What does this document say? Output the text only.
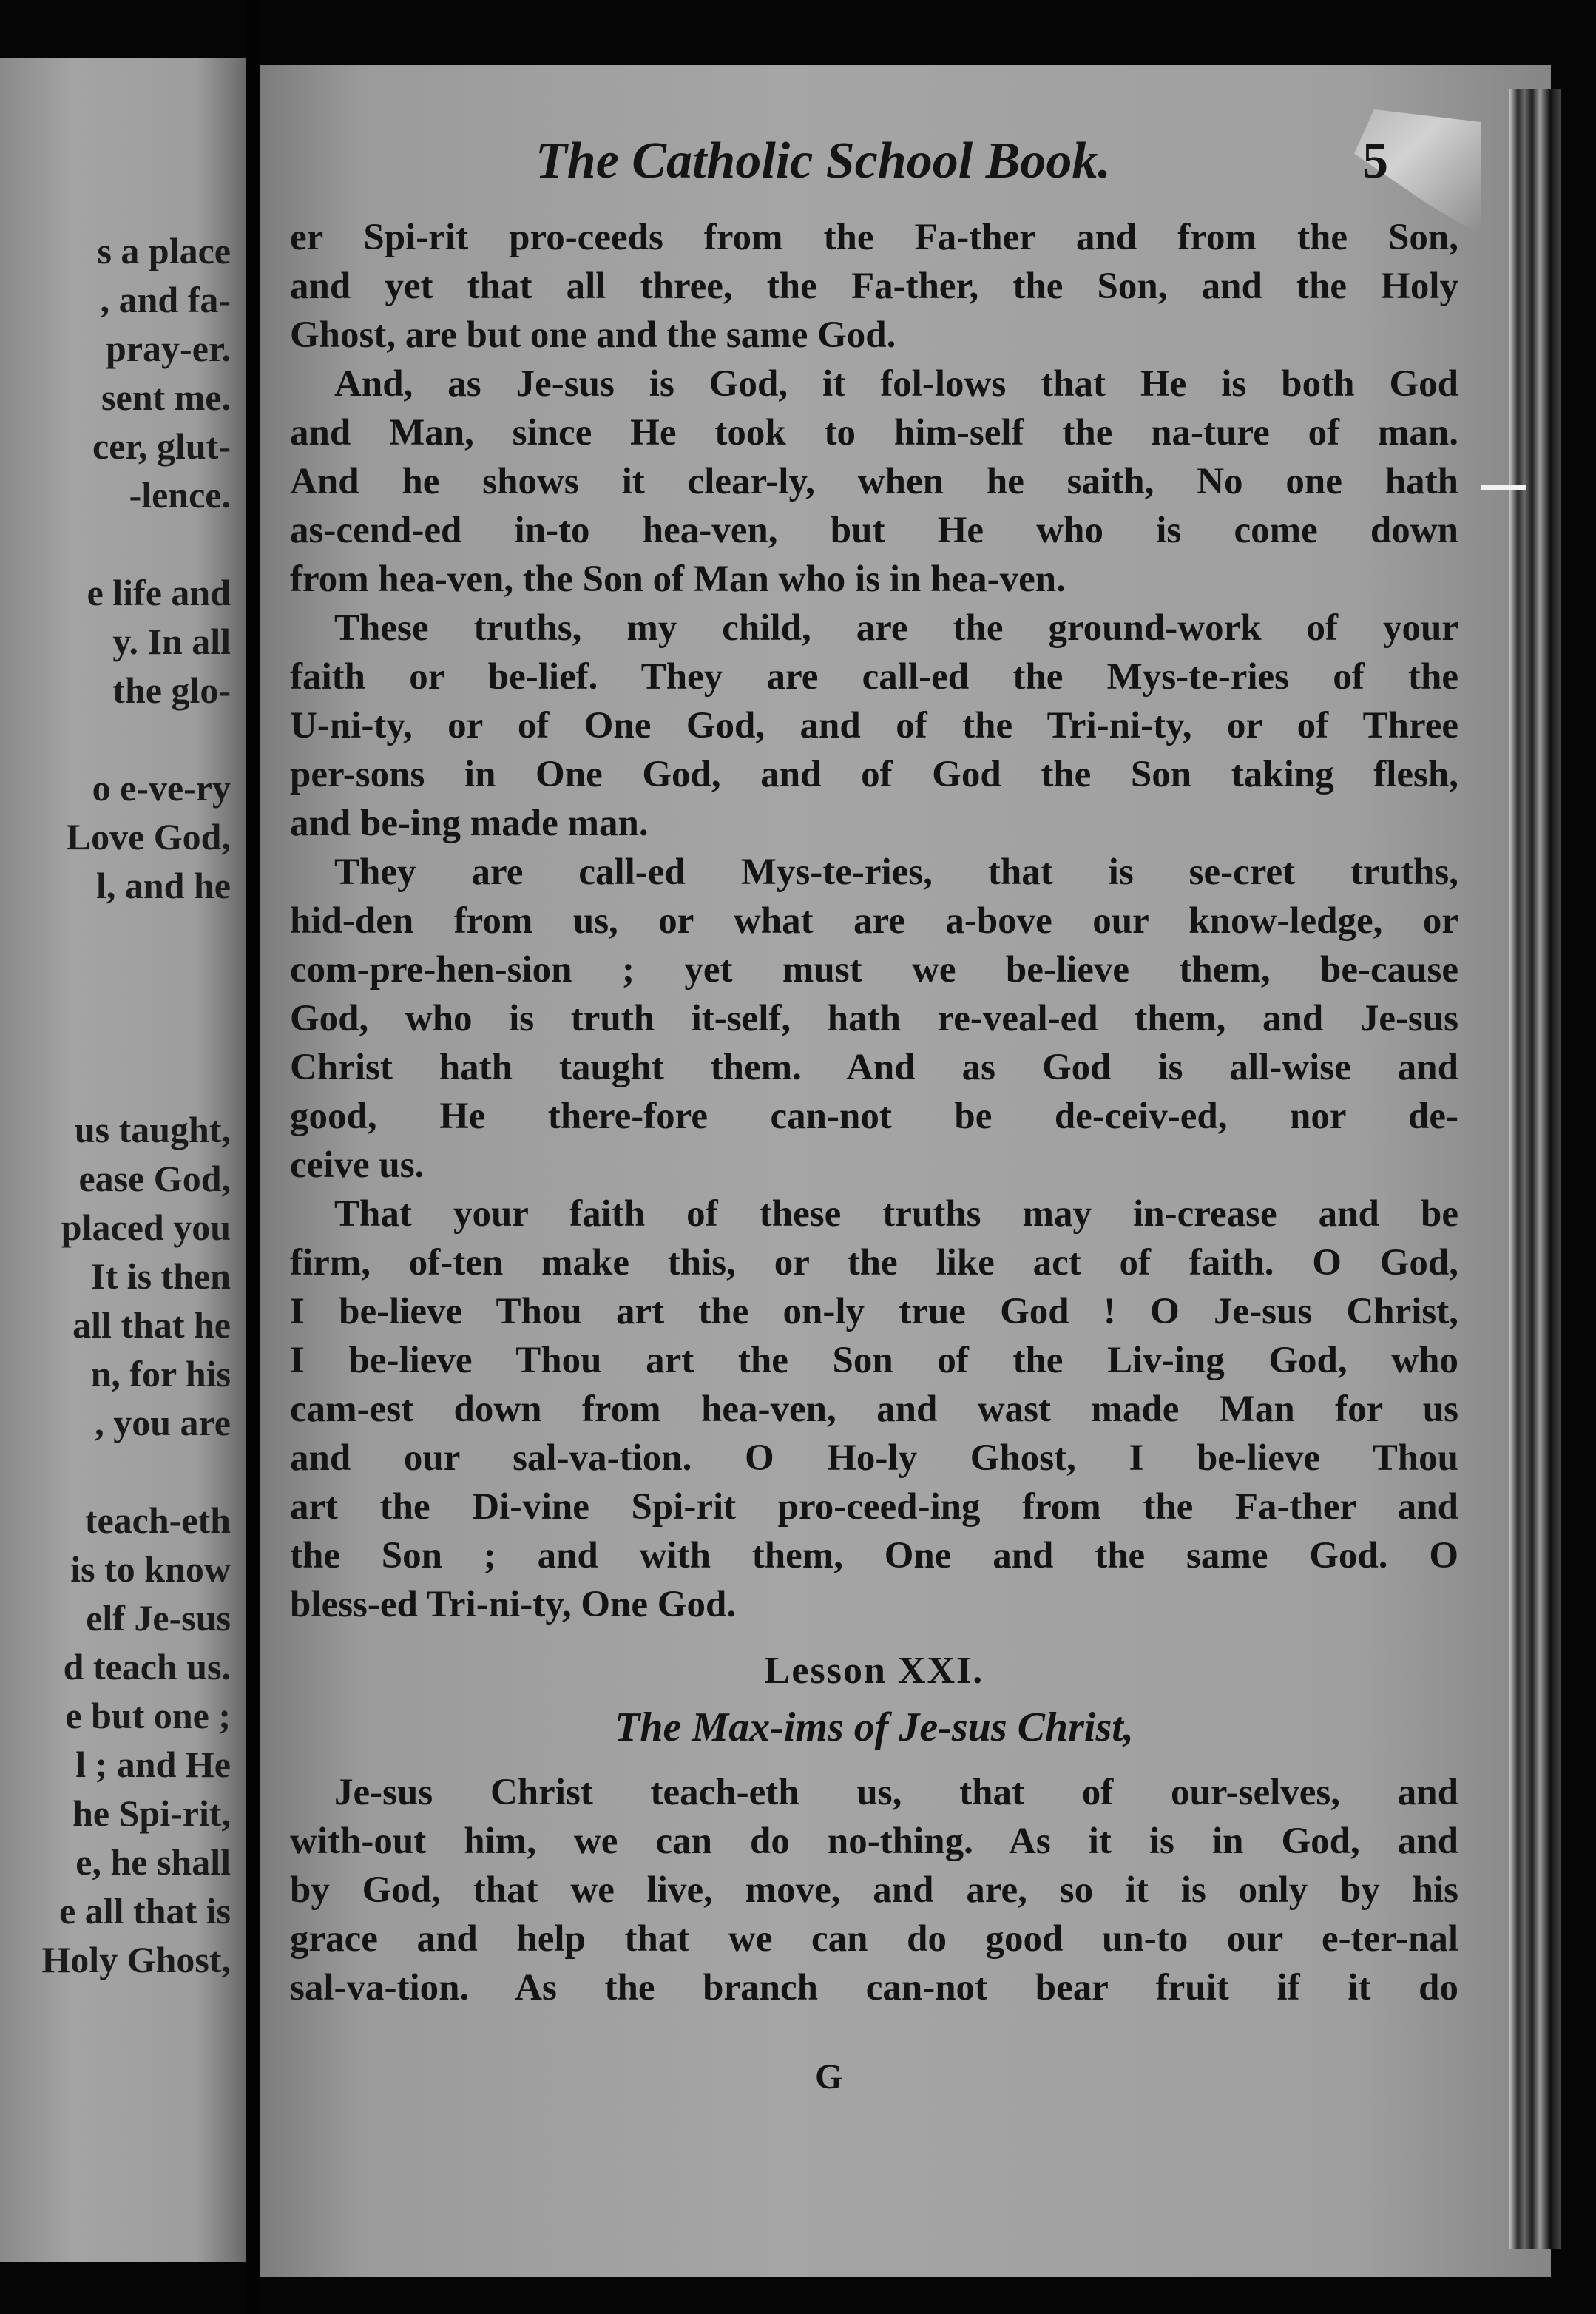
s a place
, and fa-
pray-er.
sent me.
cer, glut-
-lence.
e life and
y. In all
the glo-
o e-ve-ry
Love God,
l, and he
us taught,
ease God,
placed you
It is then
all that he
n, for his
, you are
teach-eth
is to know
elf Je-sus
d teach us.
e but one ;
l ; and He
he Spi-rit,
e, he shall
e all that is
Holy Ghost,
The Catholic School Book.	5
er Spi-rit pro-ceeds from the Fa-ther and from the Son,
and yet that all three, the Fa-ther, the Son, and the Holy
Ghost, are but one and the same God.
And, as Je-sus is God, it fol-lows that He is both God
and Man, since He took to him-self the na-ture of man.
And he shows it clear-ly, when he saith, No one hath
as-cend-ed in-to hea-ven, but He who is come down
from hea-ven, the Son of Man who is in hea-ven.
These truths, my child, are the ground-work of your
faith or be-lief. They are call-ed the Mys-te-ries of the
U-ni-ty, or of One God, and of the Tri-ni-ty, or of Three
per-sons in One God, and of God the Son taking flesh,
and be-ing made man.
They are call-ed Mys-te-ries, that is se-cret truths,
hid-den from us, or what are a-bove our know-ledge, or
com-pre-hen-sion ; yet must we be-lieve them, be-cause
God, who is truth it-self, hath re-veal-ed them, and Je-sus
Christ hath taught them. And as God is all-wise and
good, He there-fore can-not be de-ceiv-ed, nor de-
ceive us.
That your faith of these truths may in-crease and be
firm, of-ten make this, or the like act of faith. O God,
I be-lieve Thou art the on-ly true God ! O Je-sus Christ,
I be-lieve Thou art the Son of the Liv-ing God, who
cam-est down from hea-ven, and wast made Man for us
and our sal-va-tion. O Ho-ly Ghost, I be-lieve Thou
art the Di-vine Spi-rit pro-ceed-ing from the Fa-ther and
the Son ; and with them, One and the same God. O
bless-ed Tri-ni-ty, One God.
Lesson XXI.
The Max-ims of Je-sus Christ,
Je-sus Christ teach-eth us, that of our-selves, and
with-out him, we can do no-thing. As it is in God, and
by God, that we live, move, and are, so it is only by his
grace and help that we can do good un-to our e-ter-nal
sal-va-tion. As the branch can-not bear fruit if it do
G
